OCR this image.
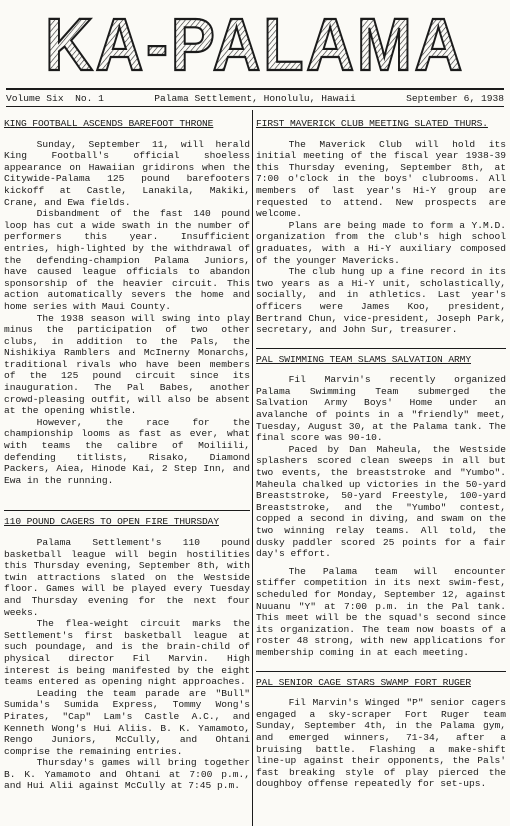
KA-PALAMA
Volume Six  No. 1	Palama Settlement, Honolulu, Hawaii	September 6, 1938
KING FOOTBALL ASCENDS BAREFOOT THRONE

Sunday, September 11, will herald King Football's official shoeless appearance on Hawaiian gridirons when the Citywide-Palama 125 pound barefooters kickoff at Castle, Lanakila, Makiki, Crane, and Ewa fields.

Disbandment of the fast 140 pound loop has cut a wide swath in the number of performers this year. Insufficient entries, high-lighted by the withdrawal of the defending-champion Palama Juniors, have caused league officials to abandon sponsorship of the heavier circuit. This action automatically severs the home and home series with Maui County.

The 1938 season will swing into play minus the participation of two other clubs, in addition to the Pals, the Nishikiya Ramblers and McInerny Monarchs, traditional rivals who have been members of the 125 pound circuit since its inauguration. The Pal Babes, another crowd-pleasing outfit, will also be absent at the opening whistle.

However, the race for the championship looms as fast as ever, what with teams the calibre of Moiliili, defending titlists, Risako, Diamond Packers, Aiea, Hinode Kai, 2 Step Inn, and Ewa in the running.

110 POUND CAGERS TO OPEN FIRE THURSDAY

Palama Settlement's 110 pound basketball league will begin hostilities this Thursday evening, September 8th, with twin attractions slated on the Westside floor. Games will be played every Tuesday and Thursday evening for the next four weeks.

The flea-weight circuit marks the Settlement's first basketball league at such poundage, and is the brain-child of physical director Fil Marvin. High interest is being manifested by the eight teams entered as opening night approaches.

Leading the team parade are "Bull" Sumida's Sumida Express, Tommy Wong's Pirates, "Cap" Lam's Castle A.C., and Kenneth Wong's Hui Aliis. B. K. Yamamoto, Rengo Juniors, McCully, and Ohtani comprise the remaining entries.

Thursday's games will bring together B. K. Yamamoto and Ohtani at 7:00 p.m., and Hui Alii against McCully at 7:45 p.m.

FIRST MAVERICK CLUB MEETING SLATED THURS.

The Maverick Club will hold its initial meeting of the fiscal year 1938-39 this Thursday evening, September 8th, at 7:00 o'clock in the boys' clubrooms. All members of last year's Hi-Y group are requested to attend. New prospects are welcome.

Plans are being made to form a Y.M.D. organization from the club's high school graduates, with a Hi-Y auxiliary composed of the younger Mavericks.

The club hung up a fine record in its two years as a Hi-Y unit, scholastically, socially, and in athletics. Last year's officers were James Koo, president, Bertrand Chun, vice-president, Joseph Park, secretary, and John Sur, treasurer.

PAL SWIMMING TEAM SLAMS SALVATION ARMY

Fil Marvin's recently organized Palama Swimming Team submerged the Salvation Army Boys' Home under an avalanche of points in a "friendly" meet, Tuesday, August 30, at the Palama tank. The final score was 90-10.

Paced by Dan Maheula, the Westside splashers scored clean sweeps in all but two events, the breaststroke and "Yumbo". Maheula chalked up victories in the 50-yard Breaststroke, 50-yard Freestyle, 100-yard Breaststroke, and the "Yumbo" contest, copped a second in diving, and swam on the two winning relay teams. All told, the dusky paddler scored 25 points for a fair day's effort.

The Palama team will encounter stiffer competition in its next swim-fest, scheduled for Monday, September 12, against Nuuanu "Y" at 7:00 p.m. in the Pal tank. This meet will be the squad's second since its organization. The team now boasts of a roster 48 strong, with new applications for membership coming in at each meeting.

PAL SENIOR CAGE STARS SWAMP FORT RUGER

Fil Marvin's Winged "P" senior cagers engaged a sky-scraper Fort Ruger team Sunday, September 4th, in the Palama gym, and emerged winners, 71-34, after a bruising battle. Flashing a make-shift line-up against their opponents, the Pals' fast breaking style of play pierced the doughboy offense repeatedly for set-ups.
